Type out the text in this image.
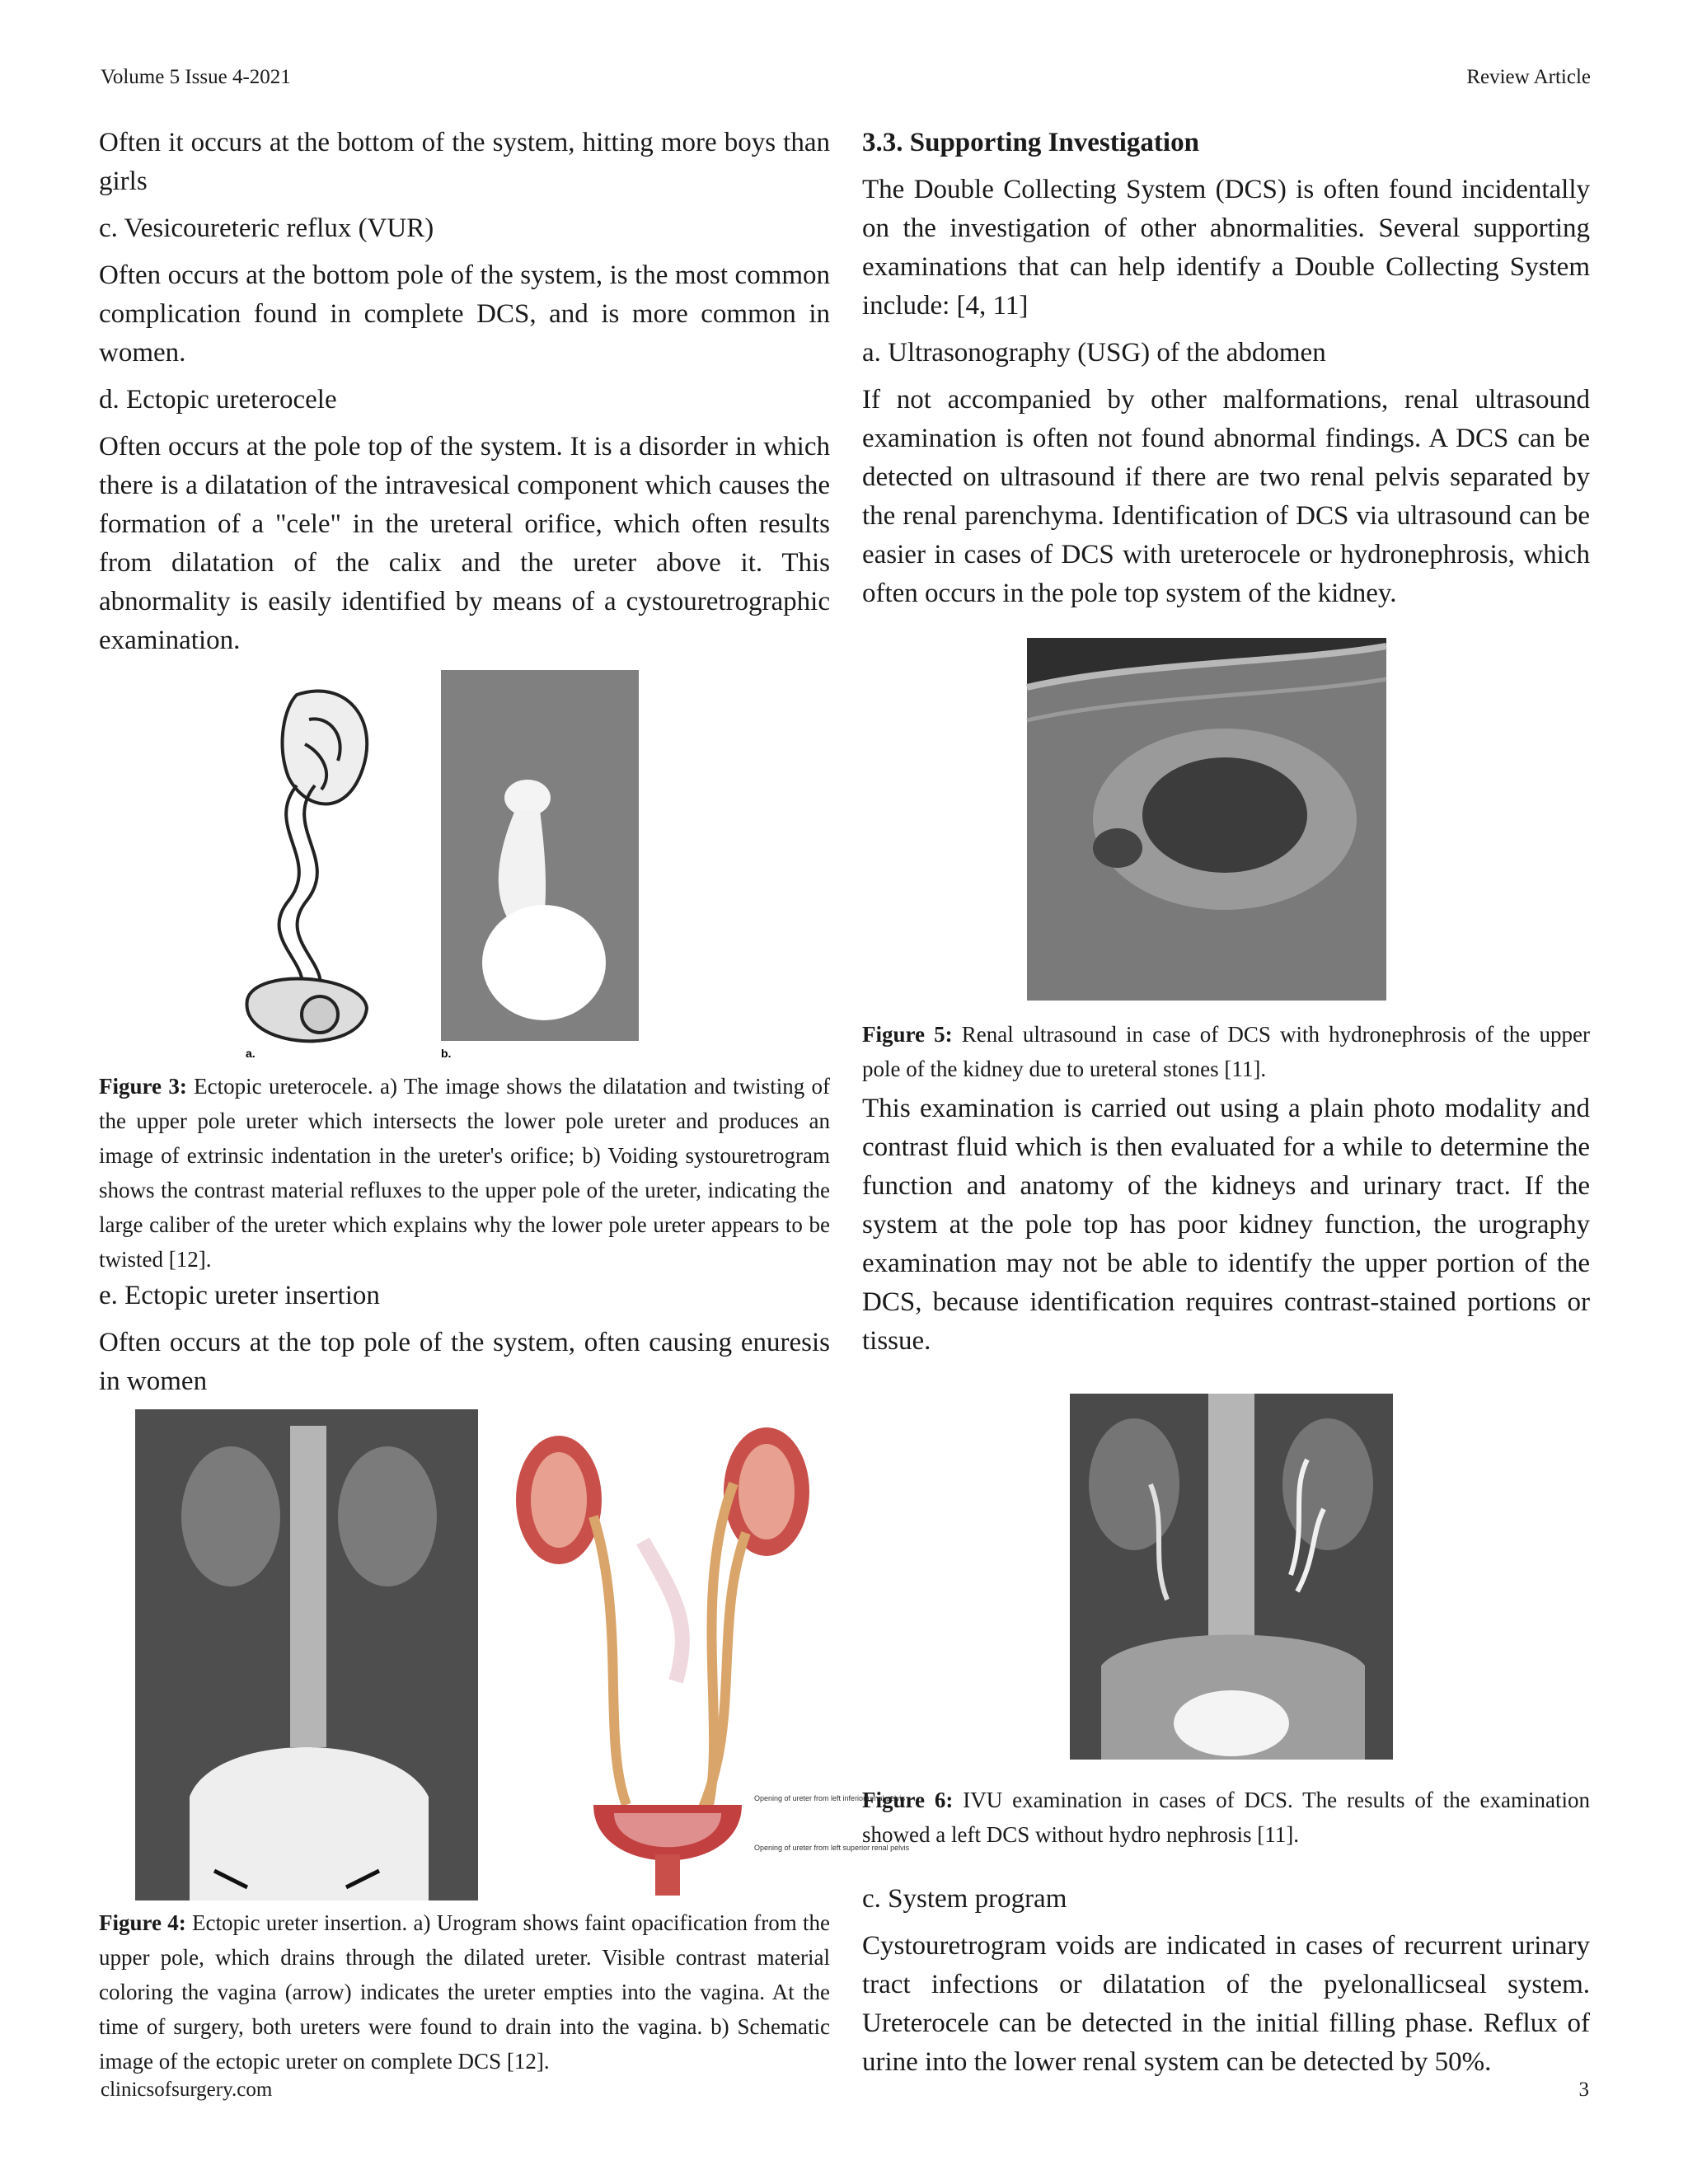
Volume 5 Issue 4-2021	Review Article

Often it occurs at the bottom of the system, hitting more boys than girls

c. Vesicoureteric reflux (VUR)

Often occurs at the bottom pole of the system, is the most common complication found in complete DCS, and is more common in women.

d. Ectopic ureterocele

Often occurs at the pole top of the system. It is a disorder in which there is a dilatation of the intravesical component which causes the formation of a "cele" in the ureteral orifice, which often results from dilatation of the calix and the ureter above it. This abnormality is easily identified by means of a cystouretrographic examination.

a.	b.

Figure 3: Ectopic ureterocele. a) The image shows the dilatation and twisting of the upper pole ureter which intersects the lower pole ureter and produces an image of extrinsic indentation in the ureter's orifice; b) Voiding systouretrogram shows the contrast material refluxes to the upper pole of the ureter, indicating the large caliber of the ureter which explains why the lower pole ureter appears to be twisted [12].

e. Ectopic ureter insertion

Often occurs at the top pole of the system, often causing enuresis in women

Opening of ureter from left inferior renal pelvis
Opening of ureter from left superior renal pelvis

Figure 4: Ectopic ureter insertion. a) Urogram shows faint opacification from the upper pole, which drains through the dilated ureter. Visible contrast material coloring the vagina (arrow) indicates the ureter empties into the vagina. At the time of surgery, both ureters were found to drain into the vagina. b) Schematic image of the ectopic ureter on complete DCS [12].

3.3. Supporting Investigation

The Double Collecting System (DCS) is often found incidentally on the investigation of other abnormalities. Several supporting examinations that can help identify a Double Collecting System include: [4, 11]

a. Ultrasonography (USG) of the abdomen

If not accompanied by other malformations, renal ultrasound examination is often not found abnormal findings. A DCS can be detected on ultrasound if there are two renal pelvis separated by the renal parenchyma. Identification of DCS via ultrasound can be easier in cases of DCS with ureterocele or hydronephrosis, which often occurs in the pole top system of the kidney.

Figure 5: Renal ultrasound in case of DCS with hydronephrosis of the upper pole of the kidney due to ureteral stones [11].

This examination is carried out using a plain photo modality and contrast fluid which is then evaluated for a while to determine the function and anatomy of the kidneys and urinary tract. If the system at the pole top has poor kidney function, the urography examination may not be able to identify the upper portion of the DCS, because identification requires contrast-stained portions or tissue.

Figure 6: IVU examination in cases of DCS. The results of the examination showed a left DCS without hydro nephrosis [11].

c. System program

Cystouretrogram voids are indicated in cases of recurrent urinary tract infections or dilatation of the pyelonallicseal system. Ureterocele can be detected in the initial filling phase. Reflux of urine into the lower renal system can be detected by 50%.

clinicsofsurgery.com	3
